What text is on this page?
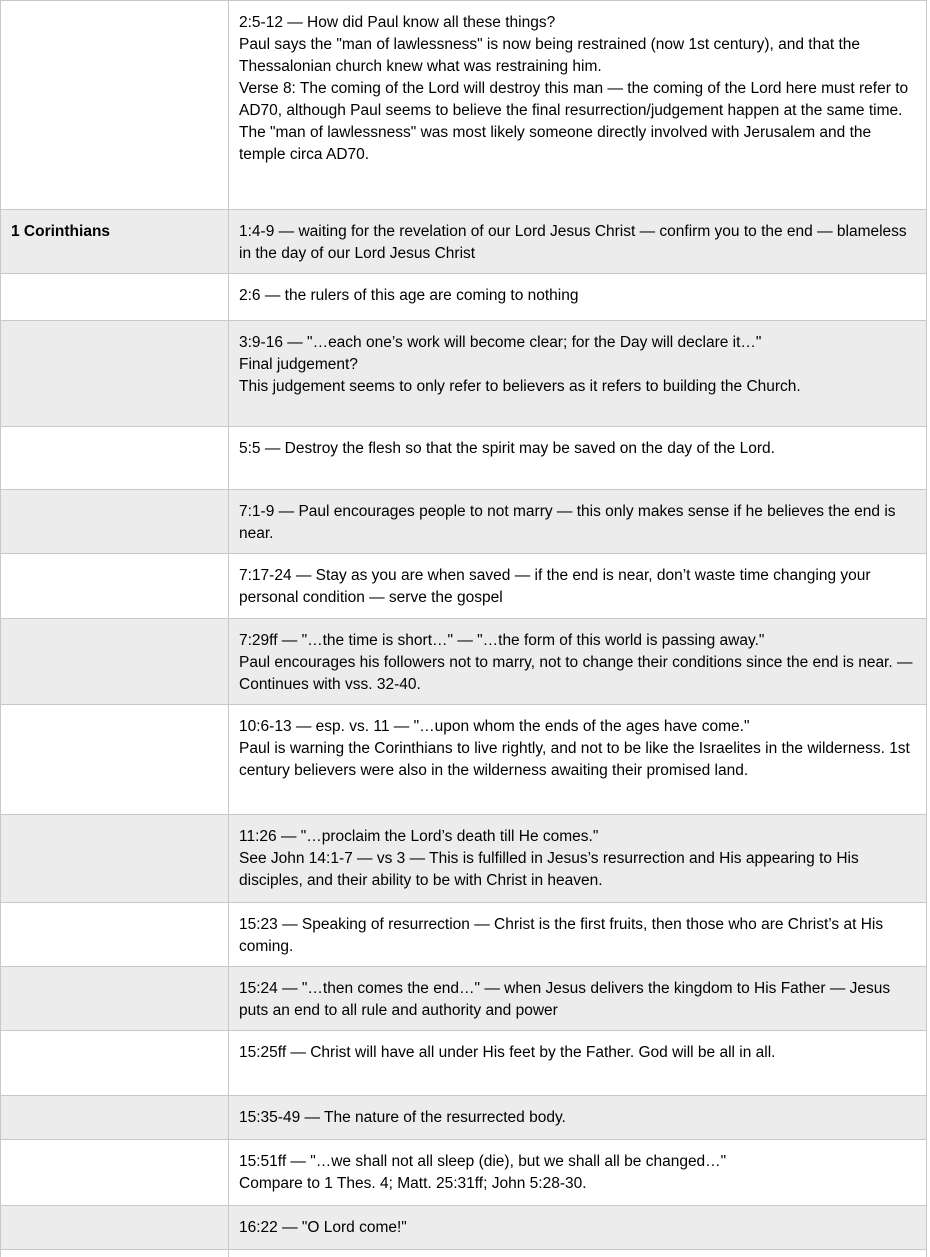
2:5-12 — How did Paul know all these things?
Paul says the "man of lawlessness" is now being restrained (now 1st century), and that the Thessalonian church knew what was restraining him.
Verse 8: The coming of the Lord will destroy this man — the coming of the Lord here must refer to AD70, although Paul seems to believe the final resurrection/judgement happen at the same time.
The "man of lawlessness" was most likely someone directly involved with Jerusalem and the temple circa AD70.
1 Corinthians	1:4-9 — waiting for the revelation of our Lord Jesus Christ — confirm you to the end — blameless in the day of our Lord Jesus Christ
2:6 — the rulers of this age are coming to nothing
3:9-16 — "…each one’s work will become clear; for the Day will declare it…"
Final judgement?
This judgement seems to only refer to believers as it refers to building the Church.
5:5 — Destroy the flesh so that the spirit may be saved on the day of the Lord.
7:1-9 — Paul encourages people to not marry — this only makes sense if he believes the end is near.
7:17-24 — Stay as you are when saved — if the end is near, don’t waste time changing your personal condition — serve the gospel
7:29ff — "…the time is short…" — "…the form of this world is passing away."
Paul encourages his followers not to marry, not to change their conditions since the end is near. — Continues with vss. 32-40.
10:6-13 — esp. vs. 11 — "…upon whom the ends of the ages have come."
Paul is warning the Corinthians to live rightly, and not to be like the Israelites in the wilderness. 1st century believers were also in the wilderness awaiting their promised land.
11:26 — "…proclaim the Lord’s death till He comes."
See John 14:1-7 — vs 3 — This is fulfilled in Jesus’s resurrection and His appearing to His disciples, and their ability to be with Christ in heaven.
15:23 — Speaking of resurrection — Christ is the first fruits, then those who are Christ’s at His coming.
15:24 — "…then comes the end…" — when Jesus delivers the kingdom to His Father — Jesus puts an end to all rule and authority and power
15:25ff — Christ will have all under His feet by the Father. God will be all in all.
15:35-49 — The nature of the resurrected body.
15:51ff — "…we shall not all sleep (die), but we shall all be changed…"
Compare to 1 Thes. 4; Matt. 25:31ff; John 5:28-30.
16:22 — "O Lord come!"
